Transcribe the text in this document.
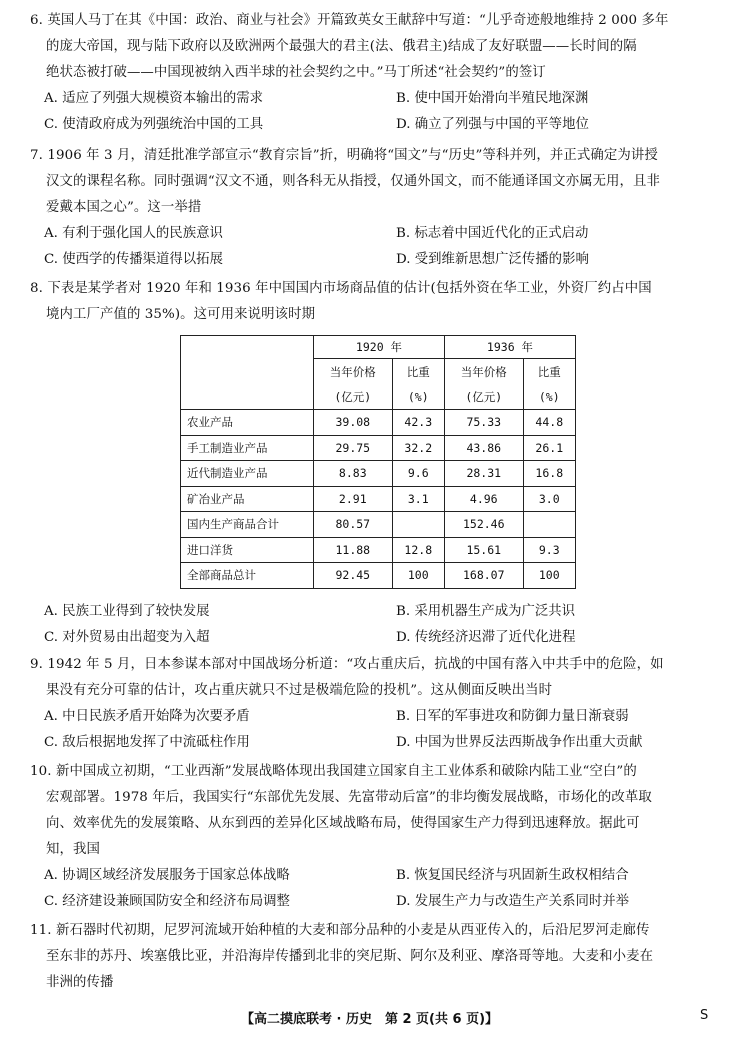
6. 英国人马丁在其《中国：政治、商业与社会》开篇致英女王献辞中写道：“儿乎奇迹般地维持 2 000 多年
的庞大帝国，现与陆下政府以及欧洲两个最强大的君主(法、俄君主)结成了友好联盟——长时间的隔
绝状态被打破——中国现被纳入西半球的社会契约之中。”马丁所述“社会契约”的签订
A. 适应了列强大规模资本输出的需求	B. 使中国开始滑向半殖民地深渊
C. 使清政府成为列强统治中国的工具	D. 确立了列强与中国的平等地位
7. 1906 年 3 月，清廷批准学部宣示“教育宗旨”折，明确将“国文”与“历史”等科并列，并正式确定为讲授
汉文的课程名称。同时强调“汉文不通，则各科无从指授，仅通外国文，而不能通译国文亦属无用，且非
爱戴本国之心”。这一举措
A. 有利于强化国人的民族意识	B. 标志着中国近代化的正式启动
C. 使西学的传播渠道得以拓展	D. 受到维新思想广泛传播的影响
8. 下表是某学者对 1920 年和 1936 年中国国内市场商品值的估计(包括外资在华工业，外资厂约占中国
境内工厂产值的 35%)。这可用来说明该时期
	1920 年		1936 年	
	当年价格	比重	当年价格	比重
	(亿元)	(%)	(亿元)	(%)
农业产品	39.08	42.3	75.33	44.8
手工制造业产品	29.75	32.2	43.86	26.1
近代制造业产品	8.83	9.6	28.31	16.8
矿冶业产品	2.91	3.1	4.96	3.0
国内生产商品合计	80.57		152.46	
进口洋货	11.88	12.8	15.61	9.3
全部商品总计	92.45	100	168.07	100
A. 民族工业得到了较快发展	B. 采用机器生产成为广泛共识
C. 对外贸易由出超变为入超	D. 传统经济迟滞了近代化进程
9. 1942 年 5 月，日本参谋本部对中国战场分析道：“攻占重庆后，抗战的中国有落入中共手中的危险，如
果没有充分可靠的估计，攻占重庆就只不过是极端危险的投机”。这从侧面反映出当时
A. 中日民族矛盾开始降为次要矛盾	B. 日军的军事进攻和防御力量日渐衰弱
C. 敌后根据地发挥了中流砥柱作用	D. 中国为世界反法西斯战争作出重大贡献
10. 新中国成立初期，“工业西渐”发展战略体现出我国建立国家自主工业体系和破除内陆工业“空白”的
宏观部署。1978 年后，我国实行“东部优先发展、先富带动后富”的非均衡发展战略，市场化的改革取
向、效率优先的发展策略、从东到西的差异化区域战略布局，使得国家生产力得到迅速释放。据此可
知，我国
A. 协调区域经济发展服务于国家总体战略	B. 恢复国民经济与巩固新生政权相结合
C. 经济建设兼顾国防安全和经济布局调整	D. 发展生产力与改造生产关系同时并举
11. 新石器时代初期，尼罗河流域开始种植的大麦和部分品种的小麦是从西亚传入的，后沿尼罗河走廊传
至东非的苏丹、埃塞俄比亚，并沿海岸传播到北非的突尼斯、阿尔及利亚、摩洛哥等地。大麦和小麦在
非洲的传播
【高二摸底联考 · 历史　第 2 页(共 6 页)】	S
